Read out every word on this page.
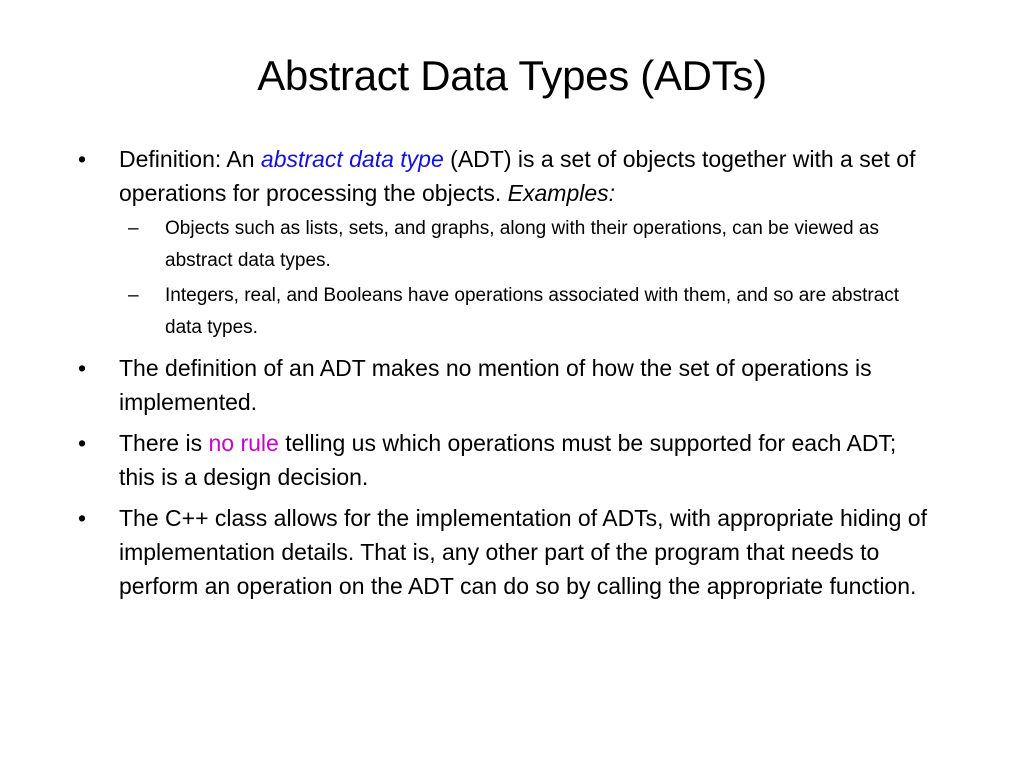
Abstract Data Types (ADTs)
•	Definition: An abstract data type (ADT) is a set of objects together with a set of operations for processing the objects. Examples:
– Objects such as lists, sets, and graphs, along with their operations, can be viewed as abstract data types.
– Integers, real, and Booleans have operations associated with them, and so are abstract data types.
•	The definition of an ADT makes no mention of how the set of operations is implemented.
•	There is no rule telling us which operations must be supported for each ADT; this is a design decision.
•	The C++ class allows for the implementation of ADTs, with appropriate hiding of implementation details. That is, any other part of the program that needs to perform an operation on the ADT can do so by calling the appropriate function.
